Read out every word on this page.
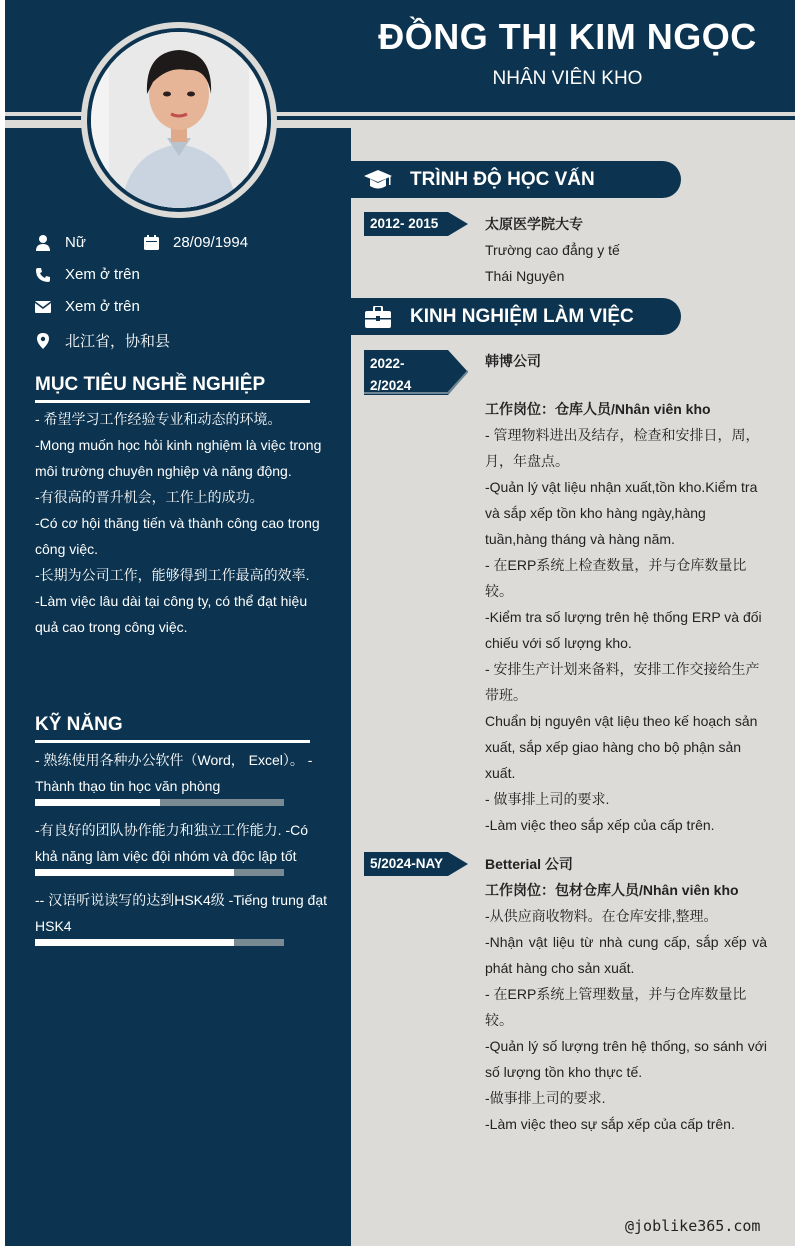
ĐỒNG THỊ KIM NGỌC
NHÂN VIÊN KHO
Nữ	28/09/1994
Xem ở trên
Xem ở trên
北江省，协和县
MỤC TIÊU NGHỀ NGHIỆP
- 希望学习工作经验专业和动态的环境。
-Mong muốn học hỏi kinh nghiệm là việc trong môi trường chuyên nghiệp và năng động.
-有很高的晋升机会，工作上的成功。
-Có cơ hội thăng tiến và thành công cao trong công việc.
-长期为公司工作，能够得到工作最高的效率.
-Làm việc lâu dài tại công ty, có thể đạt hiệu quả cao trong công việc.
KỸ NĂNG
- 熟练使用各种办公软件（Word， Excel）。 - Thành thạo tin học văn phòng
-有良好的团队协作能力和独立工作能力. -Có khả năng làm việc đội nhóm và độc lập tốt
-- 汉语听说读写的达到HSK4级 -Tiếng trung đạt HSK4
TRÌNH ĐỘ HỌC VẤN
2012- 2015	太原医学院大专
Trường cao đẳng y tế
Thái Nguyên
KINH NGHIỆM LÀM VIỆC
2022-
2/2024
韩博公司
工作岗位：仓库人员/Nhân viên kho
- 管理物料进出及结存，检查和安排日，周，月，年盘点。
-Quản lý vật liệu nhận xuất,tồn kho.Kiểm tra và sắp xếp tồn kho hàng ngày,hàng tuần,hàng tháng và hàng năm.
- 在ERP系统上检查数量，并与仓库数量比较。
-Kiểm tra số lượng trên hệ thống ERP và đối chiếu với số lượng kho.
- 安排生产计划来备料，安排工作交接给生产带班。
Chuẩn bị nguyên vật liệu theo kế hoạch sản xuất, sắp xếp giao hàng cho bộ phận sản xuất.
- 做事排上司的要求.
-Làm việc theo sắp xếp của cấp trên.
5/2024-NAY	Betterial 公司
工作岗位：包材仓库人员/Nhân viên kho
-从供应商收物料。在仓库安排,整理。
-Nhận vật liệu từ nhà cung cấp, sắp xếp và phát hàng cho sản xuất.
- 在ERP系统上管理数量，并与仓库数量比较。
-Quản lý số lượng trên hệ thống, so sánh với số lượng tồn kho thực tế.
-做事排上司的要求.
-Làm việc theo sự sắp xếp của cấp trên.
@joblike365.com
